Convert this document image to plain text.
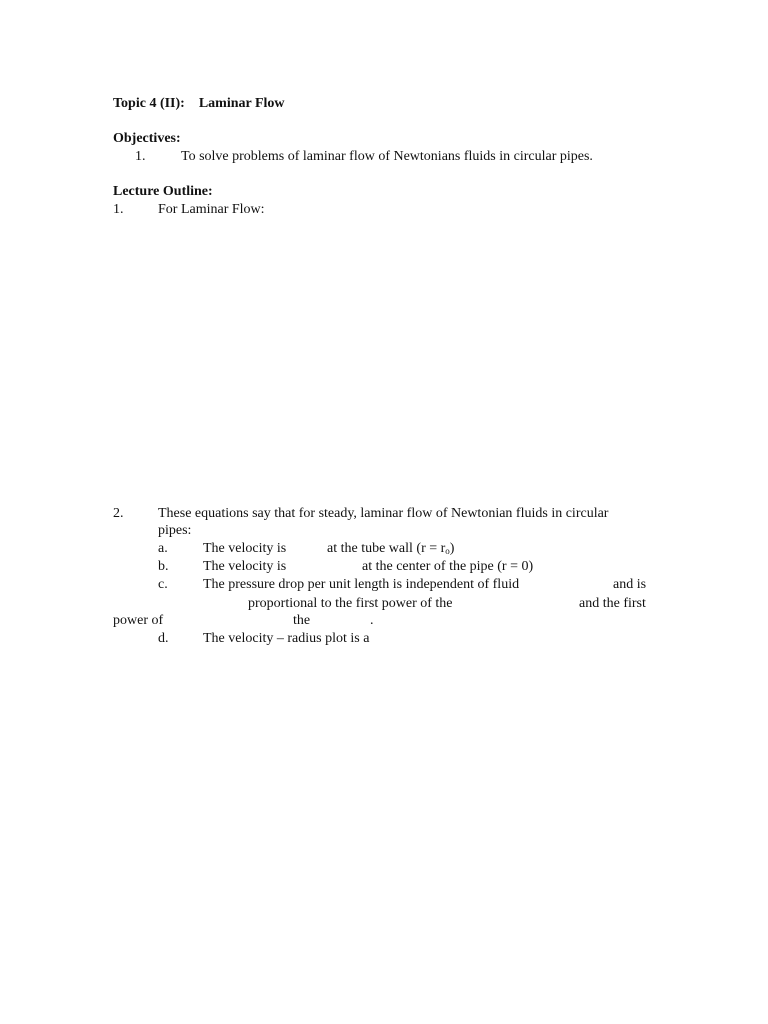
Topic 4 (II): Laminar Flow
Objectives:
1.	To solve problems of laminar flow of Newtonians fluids in circular pipes.
Lecture Outline:
1. For Laminar Flow:
2. These equations say that for steady, laminar flow of Newtonian fluids in circular
pipes:
a.	The velocity is	at the tube wall $(r = r_o)$
b. The velocity is	at the center of the pipe (r = 0)
c.	The pressure drop per unit length is independent of fluid	and is
proportional to the first power of the	and the first
power of	the	.
d. The velocity – radius plot is a
